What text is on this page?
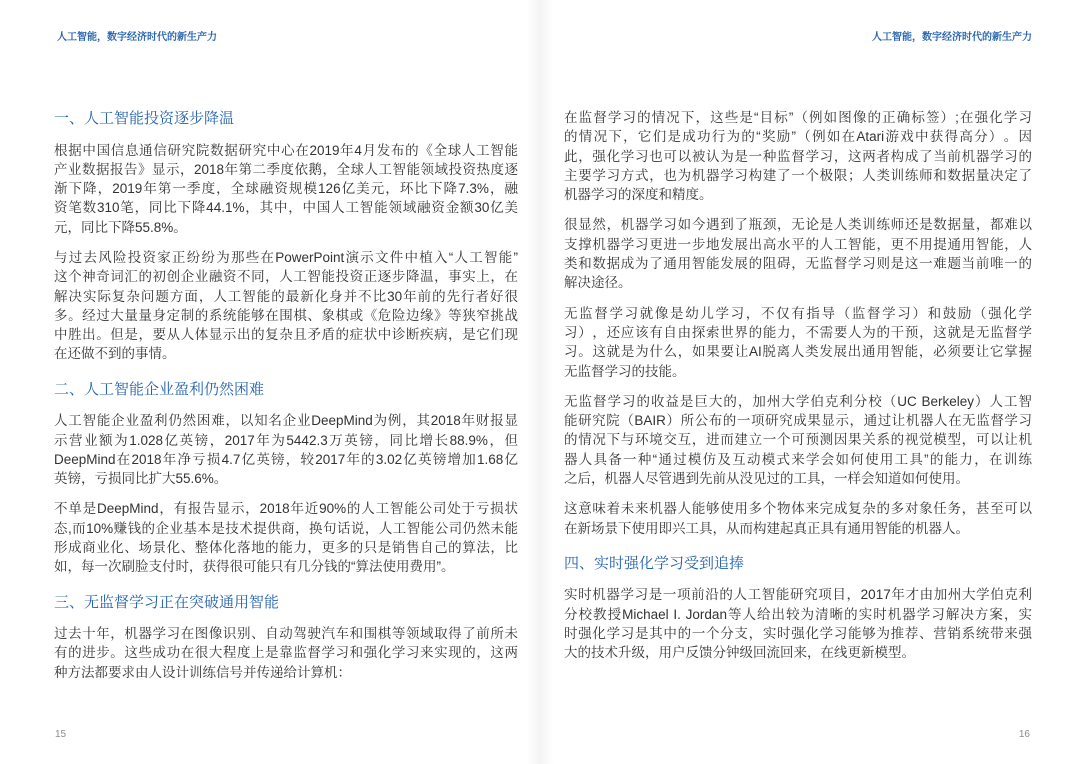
人工智能，数字经济时代的新生产力
一、人工智能投资逐步降温
根据中国信息通信研究院数据研究中心在2019年4月发布的《全球人工智能
产业数据报告》显示，2018年第二季度依鹅，全球人工智能领域投资热度逐
渐下降，2019年第一季度，全球融资规模126亿美元，环比下降7.3%，融
资笔数310笔，同比下降44.1%，其中，中国人工智能领域融资金额30亿美
元，同比下降55.8%。
与过去风险投资家正纷纷为那些在PowerPoint演示文件中植入“人工智能”
这个神奇词汇的初创企业融资不同，人工智能投资正逐步降温，事实上，在
解决实际复杂问题方面，人工智能的最新化身并不比30年前的先行者好很
多。经过大量量身定制的系统能够在围棋、象棋或《危险边缘》等狭窄挑战
中胜出。但是，要从人体显示出的复杂且矛盾的症状中诊断疾病，是它们现
在还做不到的事情。
二、人工智能企业盈利仍然困难
人工智能企业盈利仍然困难，以知名企业DeepMind为例，其2018年财报显
示营业额为1.028亿英镑，2017年为5442.3万英镑，同比增长88.9%，但
DeepMind在2018年净亏损4.7亿英镑，较2017年的3.02亿英镑增加1.68亿
英镑，亏损同比扩大55.6%。
不单是DeepMind，有报告显示，2018年近90%的人工智能公司处于亏损状
态,而10%赚钱的企业基本是技术提供商，换句话说，人工智能公司仍然未能
形成商业化、场景化、整体化落地的能力，更多的只是销售自己的算法，比
如，每一次刷脸支付时，获得很可能只有几分钱的“算法使用费用”。
三、无监督学习正在突破通用智能
过去十年，机器学习在图像识别、自动驾驶汽车和围棋等领域取得了前所未
有的进步。这些成功在很大程度上是靠监督学习和强化学习来实现的，这两
种方法都要求由人设计训练信号并传递给计算机：
15
人工智能，数字经济时代的新生产力
在监督学习的情况下，这些是“目标”（例如图像的正确标签）;在强化学习
的情况下，它们是成功行为的“奖励”（例如在Atari游戏中获得高分）。因
此，强化学习也可以被认为是一种监督学习，这两者构成了当前机器学习的
主要学习方式，也为机器学习构建了一个极限；人类训练师和数据量决定了
机器学习的深度和精度。
很显然，机器学习如今遇到了瓶颈，无论是人类训练师还是数据量，都难以
支撑机器学习更进一步地发展出高水平的人工智能，更不用提通用智能，人
类和数据成为了通用智能发展的阻碍，无监督学习则是这一难题当前唯一的
解决途径。
无监督学习就像是幼儿学习，不仅有指导（监督学习）和鼓励（强化学
习），还应该有自由探索世界的能力，不需要人为的干预，这就是无监督学
习。这就是为什么，如果要让AI脱离人类发展出通用智能，必须要让它掌握
无监督学习的技能。
无监督学习的收益是巨大的，加州大学伯克利分校（UC Berkeley）人工智
能研究院（BAIR）所公布的一项研究成果显示，通过让机器人在无监督学习
的情况下与环境交互，进而建立一个可预测因果关系的视觉模型，可以让机
器人具备一种“通过模仿及互动模式来学会如何使用工具”的能力，在训练
之后，机器人尽管遇到先前从没见过的工具，一样会知道如何使用。
这意味着未来机器人能够使用多个物体来完成复杂的多对象任务，甚至可以
在新场景下使用即兴工具，从而构建起真正具有通用智能的机器人。
四、实时强化学习受到追捧
实时机器学习是一项前沿的人工智能研究项目，2017年才由加州大学伯克利
分校教授Michael I. Jordan等人给出较为清晰的实时机器学习解决方案，实
时强化学习是其中的一个分支，实时强化学习能够为推荐、营销系统带来强
大的技术升级，用户反馈分钟级回流回来，在线更新模型。
16
